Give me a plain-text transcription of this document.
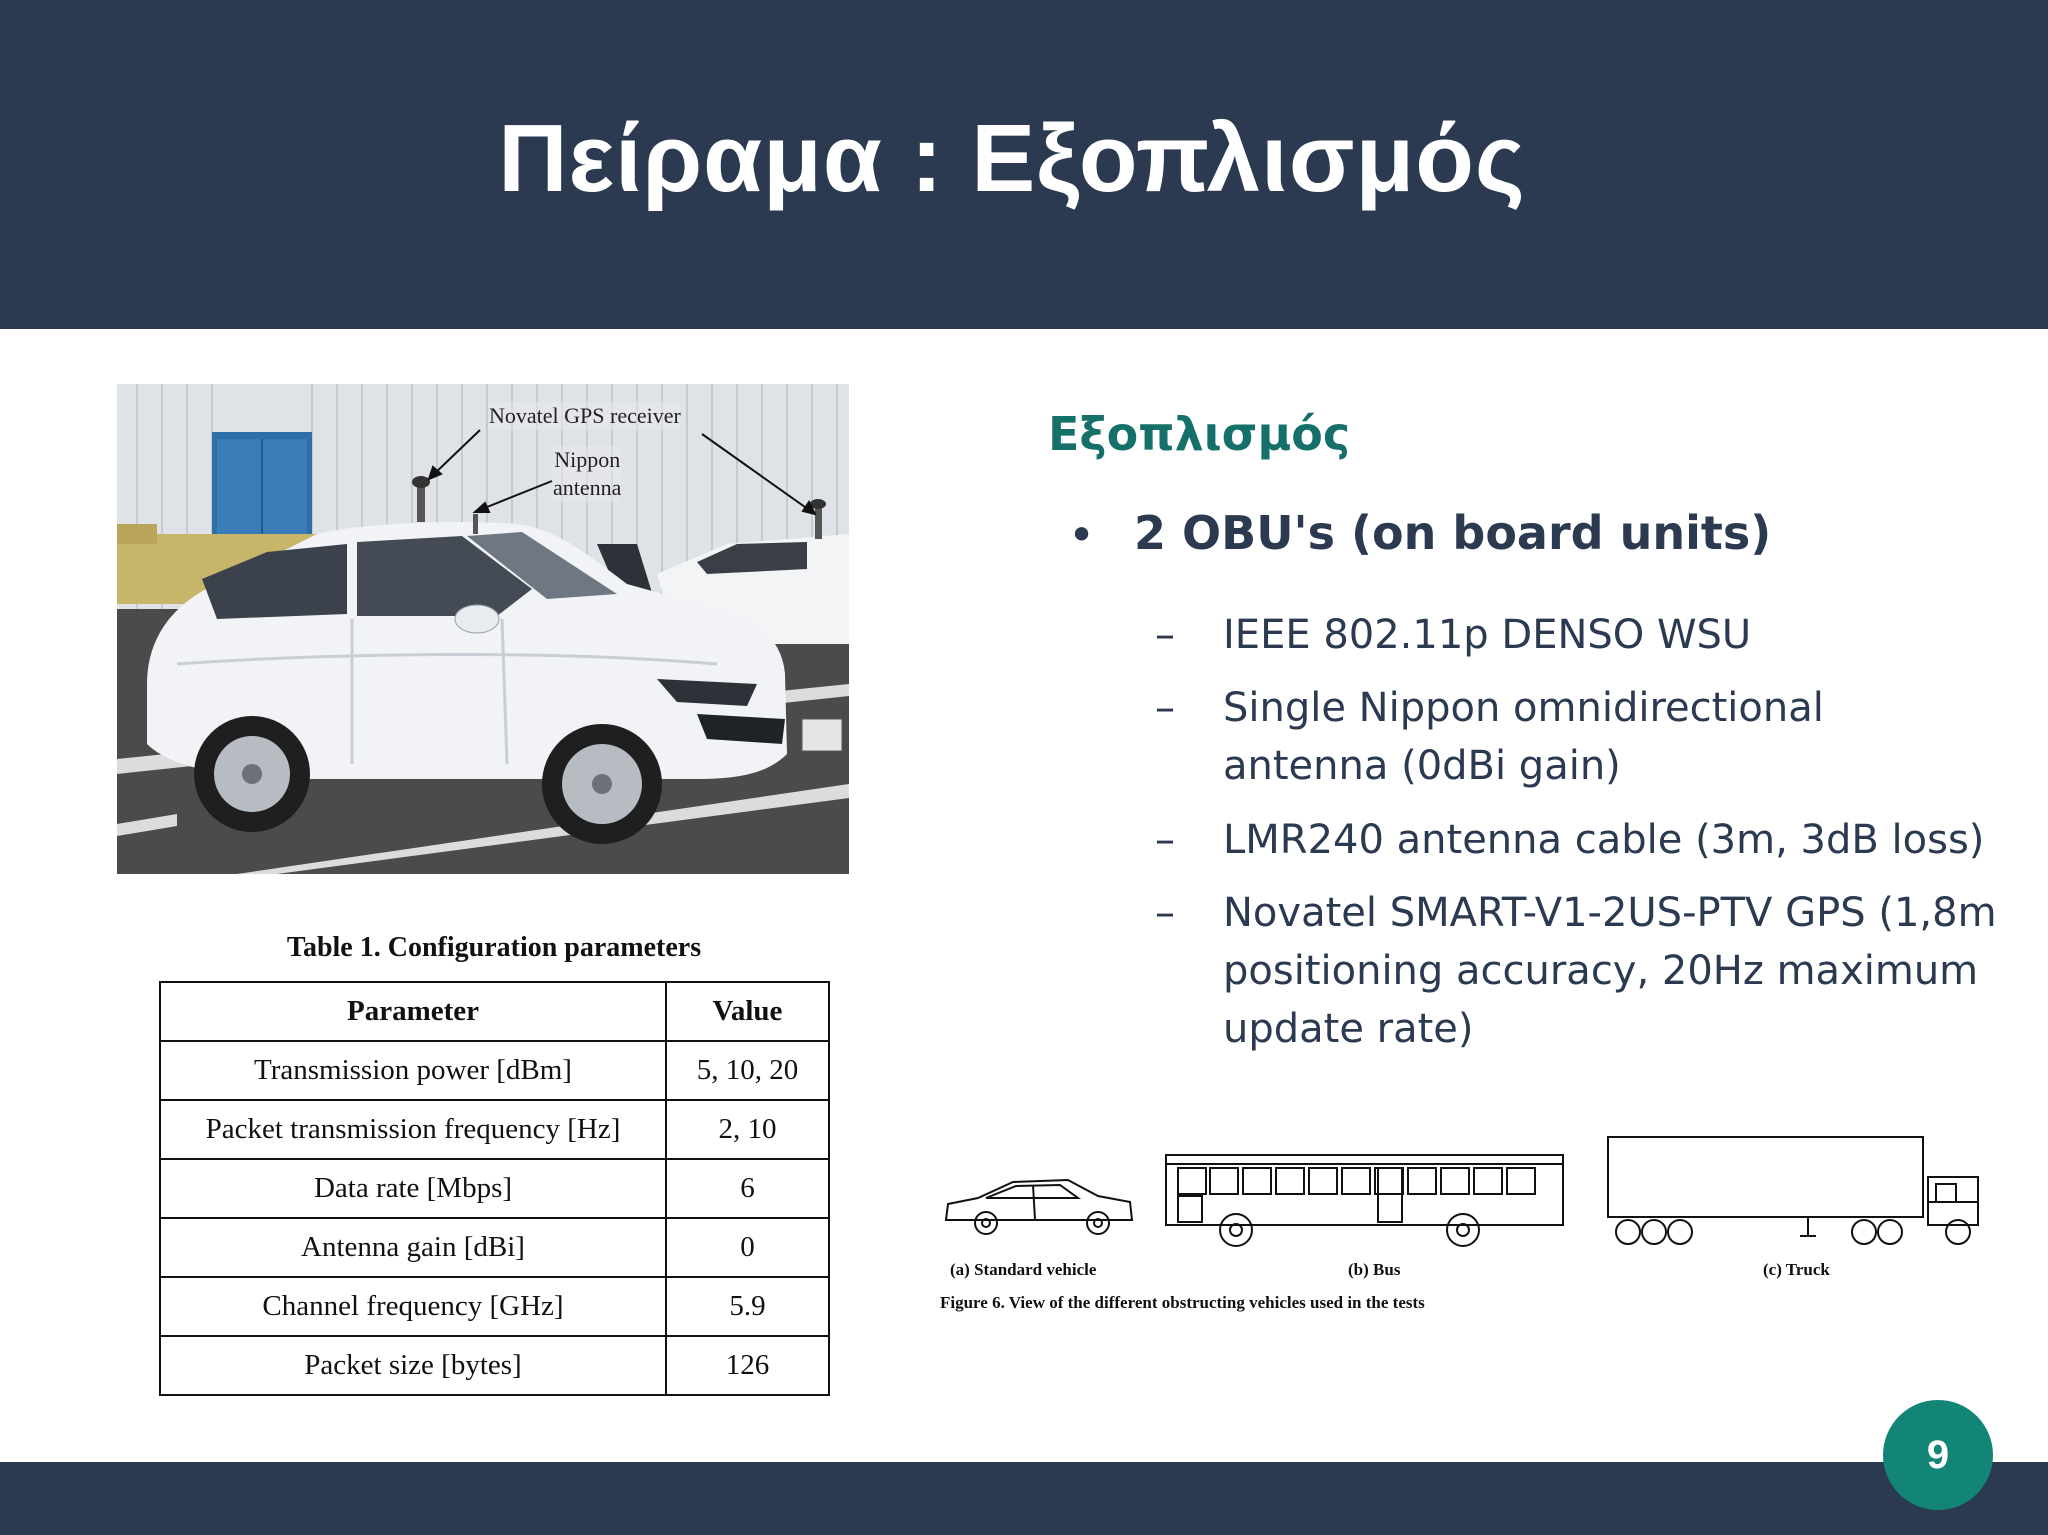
Πείραμα : Εξοπλισμός
Novatel GPS receiver
Nippon
antenna
Table 1. Configuration parameters
Parameter	Value
Transmission power [dBm]	5, 10, 20
Packet transmission frequency [Hz]	2, 10
Data rate [Mbps]	6
Antenna gain [dBi]	0
Channel frequency [GHz]	5.9
Packet size [bytes]	126
Εξοπλισμός
• 2 OBU's (on board units)
–	IEEE 802.11p DENSO WSU
–	Single Nippon omnidirectional antenna (0dBi gain)
–	LMR240 antenna cable (3m, 3dB loss)
–	Novatel SMART-V1-2US-PTV GPS (1,8m positioning accuracy, 20Hz maximum update rate)
(a) Standard vehicle	(b) Bus	(c) Truck
Figure 6. View of the different obstructing vehicles used in the tests
9
